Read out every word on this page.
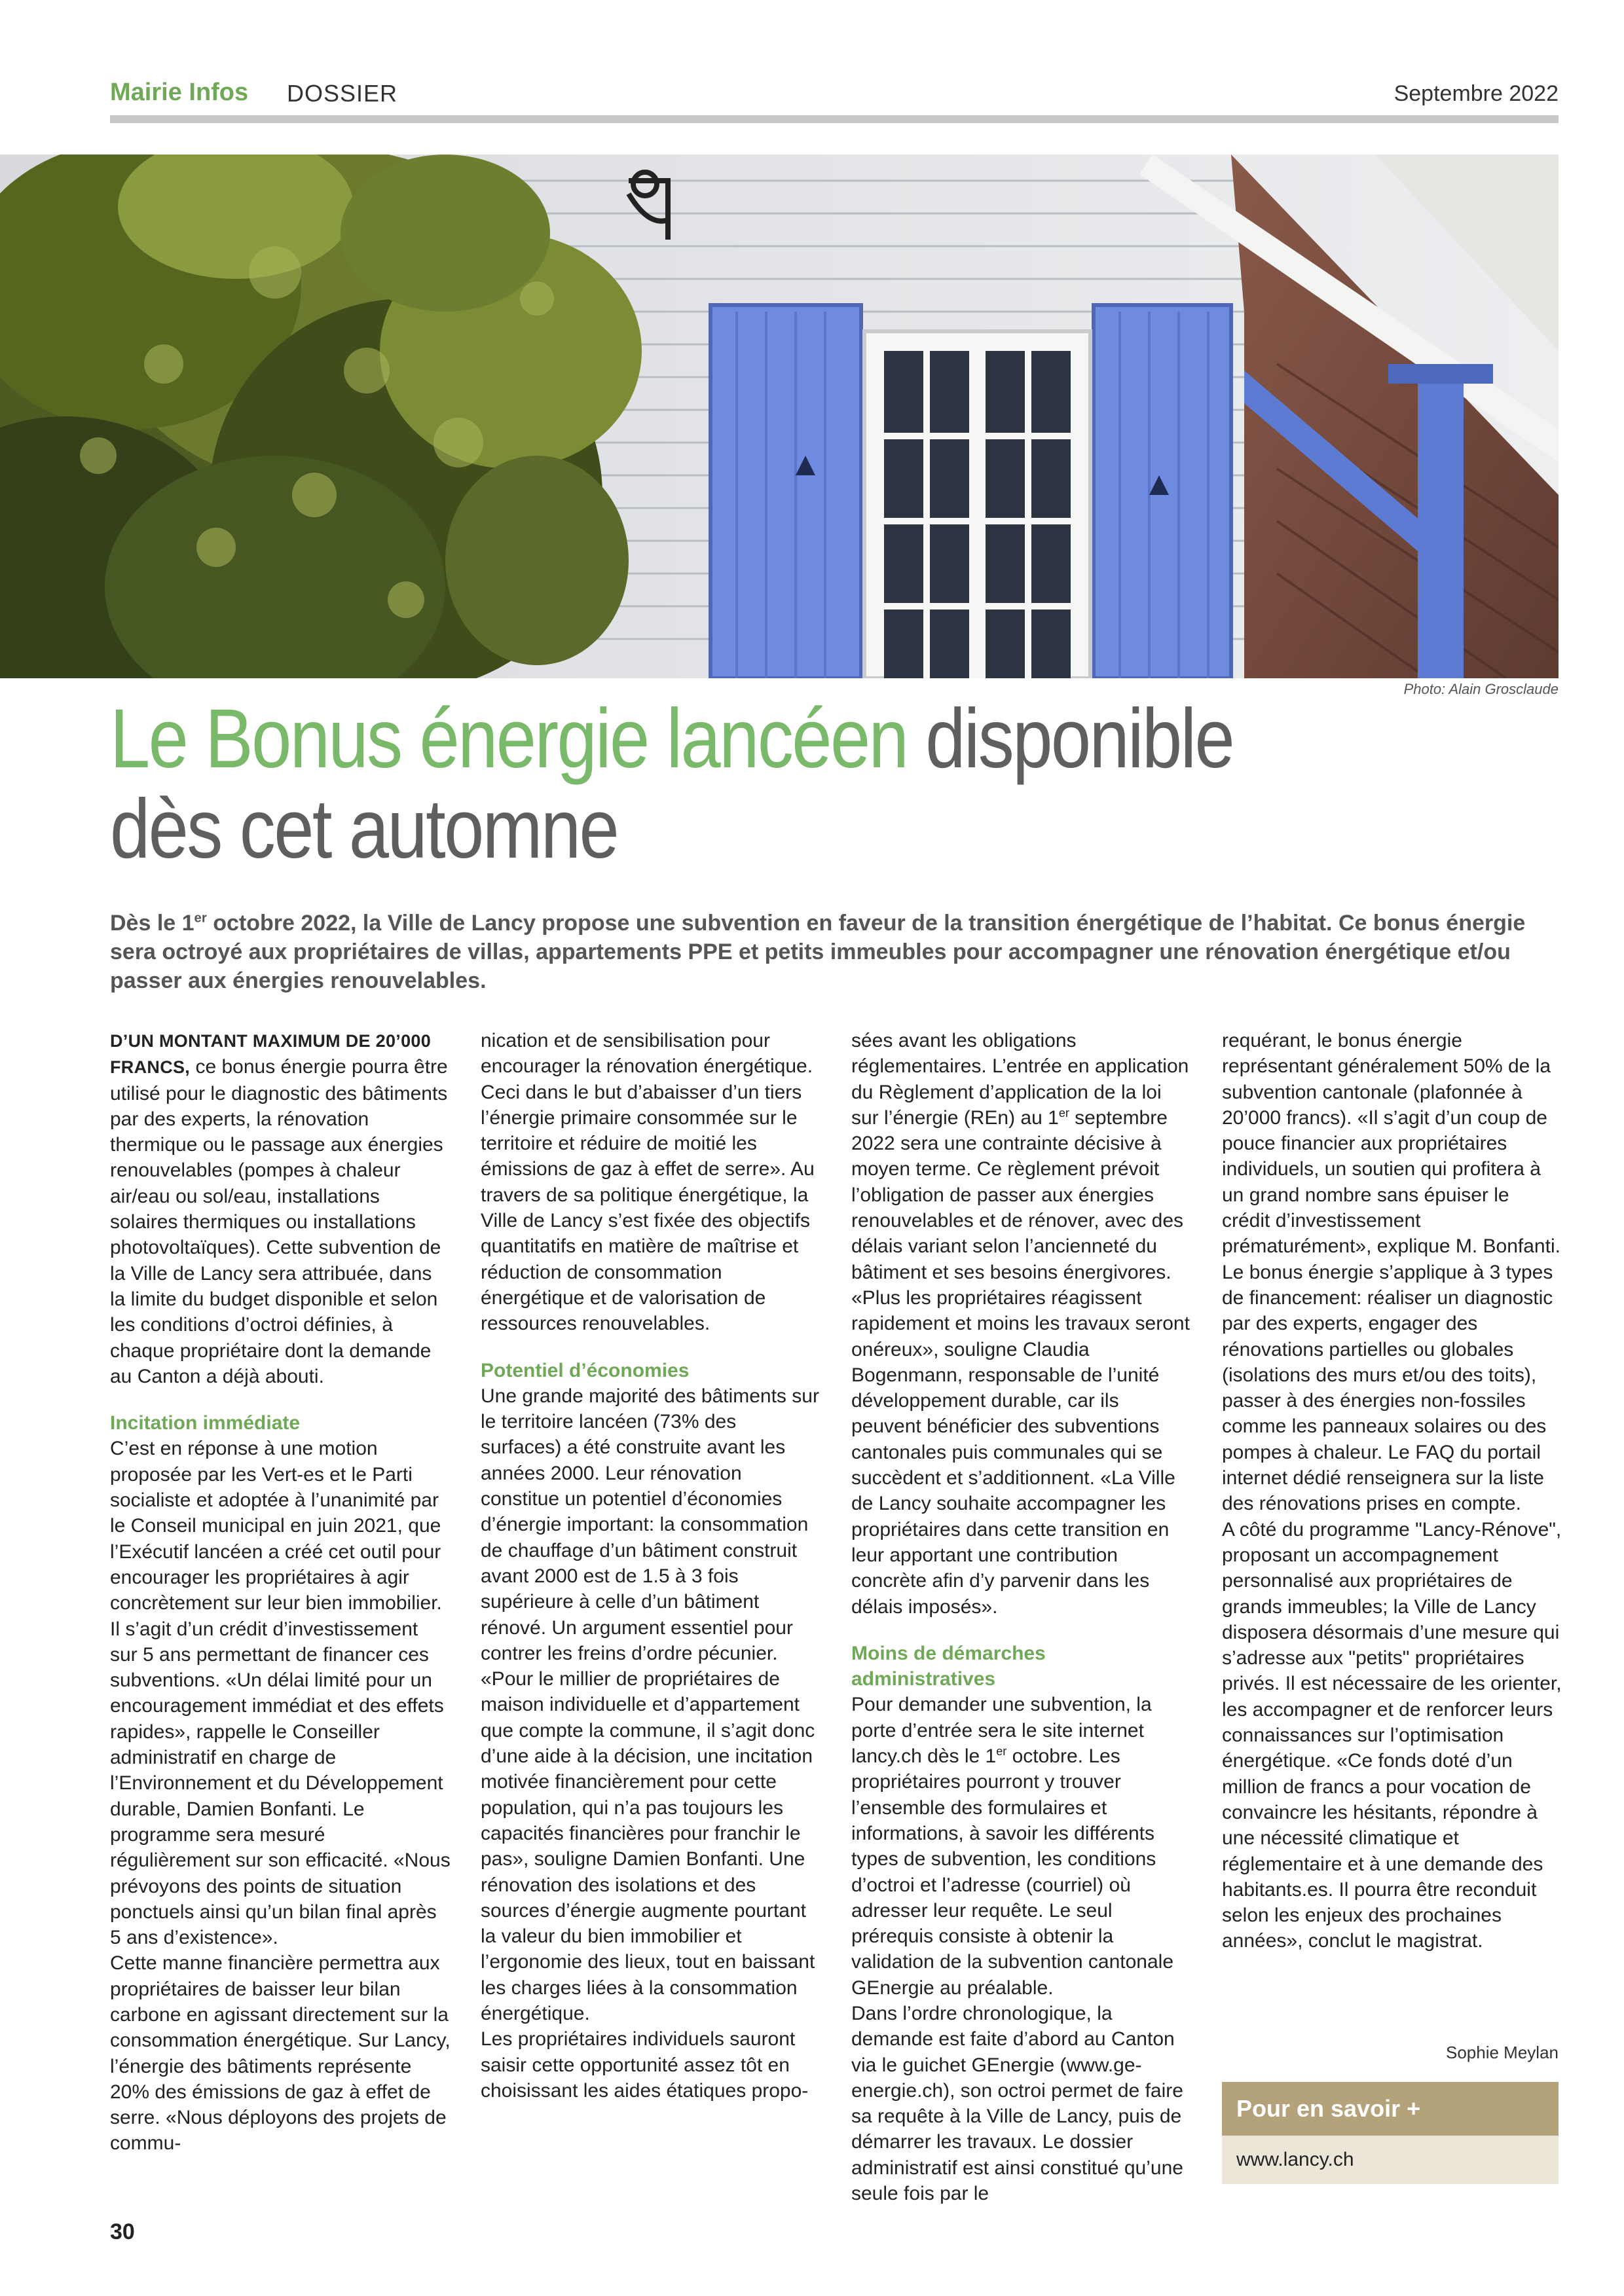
Mairie Infos DOSSIER	Septembre 2022
Photo: Alain Grosclaude
Le Bonus énergie lancéen disponible
dès cet automne
Dès le 1er octobre 2022, la Ville de Lancy propose une subvention en faveur de la transition énergétique de l’habitat. Ce bonus énergie sera octroyé aux propriétaires de villas, appartements PPE et petits immeubles pour accompagner une rénovation énergétique et/ou passer aux énergies renouvelables.

D’UN MONTANT MAXIMUM DE 20’000 FRANCS, ce bonus énergie pourra être utilisé pour le diagnostic des bâtiments par des experts, la rénovation thermique ou le passage aux énergies renouvelables (pompes à chaleur air/eau ou sol/eau, installations solaires thermiques ou installations photovoltaïques). Cette subvention de la Ville de Lancy sera attribuée, dans la limite du budget disponible et selon les conditions d’octroi définies, à chaque propriétaire dont la demande au Canton a déjà abouti.

Incitation immédiate

C’est en réponse à une motion proposée par les Vert-es et le Parti socialiste et adoptée à l’unanimité par le Conseil municipal en juin 2021, que l’Exécutif lancéen a créé cet outil pour encourager les propriétaires à agir concrètement sur leur bien immobilier. Il s’agit d’un crédit d’investissement sur 5 ans permettant de financer ces subventions. «Un délai limité pour un encouragement immédiat et des effets rapides», rappelle le Conseiller administratif en charge de l’Environnement et du Développement durable, Damien Bonfanti. Le programme sera mesuré régulièrement sur son efficacité. «Nous prévoyons des points de situation ponctuels ainsi qu’un bilan final après 5 ans d’existence».

Cette manne financière permettra aux propriétaires de baisser leur bilan carbone en agissant directement sur la consommation énergétique. Sur Lancy, l’énergie des bâtiments représente 20% des émissions de gaz à effet de serre. «Nous déployons des projets de commu-

nication et de sensibilisation pour encourager la rénovation énergétique. Ceci dans le but d’abaisser d’un tiers l’énergie primaire consommée sur le territoire et réduire de moitié les émissions de gaz à effet de serre». Au travers de sa politique énergétique, la Ville de Lancy s’est fixée des objectifs quantitatifs en matière de maîtrise et réduction de consommation énergétique et de valorisation de ressources renouvelables.

Potentiel d’économies

Une grande majorité des bâtiments sur le territoire lancéen (73% des surfaces) a été construite avant les années 2000. Leur rénovation constitue un potentiel d’économies d’énergie important: la consommation de chauffage d’un bâtiment construit avant 2000 est de 1.5 à 3 fois supérieure à celle d’un bâtiment rénové. Un argument essentiel pour contrer les freins d’ordre pécunier. «Pour le millier de propriétaires de maison individuelle et d’appartement que compte la commune, il s’agit donc d’une aide à la décision, une incitation motivée financièrement pour cette population, qui n’a pas toujours les capacités financières pour franchir le pas», souligne Damien Bonfanti. Une rénovation des isolations et des sources d’énergie augmente pourtant la valeur du bien immobilier et l’ergonomie des lieux, tout en baissant les charges liées à la consommation énergétique.

Les propriétaires individuels sauront saisir cette opportunité assez tôt en choisissant les aides étatiques propo-

sées avant les obligations réglementaires. L’entrée en application du Règlement d’application de la loi sur l’énergie (REn) au 1er septembre 2022 sera une contrainte décisive à moyen terme. Ce règlement prévoit l’obligation de passer aux énergies renouvelables et de rénover, avec des délais variant selon l’ancienneté du bâtiment et ses besoins énergivores. «Plus les propriétaires réagissent rapidement et moins les travaux seront onéreux», souligne Claudia Bogenmann, responsable de l’unité développement durable, car ils peuvent bénéficier des subventions cantonales puis communales qui se succèdent et s’additionnent. «La Ville de Lancy souhaite accompagner les propriétaires dans cette transition en leur apportant une contribution concrète afin d’y parvenir dans les délais imposés».

Moins de démarches administratives

Pour demander une subvention, la porte d’entrée sera le site internet lancy.ch dès le 1er octobre. Les propriétaires pourront y trouver l’ensemble des formulaires et informations, à savoir les différents types de subvention, les conditions d’octroi et l’adresse (courriel) où adresser leur requête. Le seul prérequis consiste à obtenir la validation de la subvention cantonale GEnergie au préalable.

Dans l’ordre chronologique, la demande est faite d’abord au Canton via le guichet GEnergie (www.ge-energie.ch), son octroi permet de faire sa requête à la Ville de Lancy, puis de démarrer les travaux. Le dossier administratif est ainsi constitué qu’une seule fois par le

requérant, le bonus énergie représentant généralement 50% de la subvention cantonale (plafonnée à 20’000 francs). «Il s’agit d’un coup de pouce financier aux propriétaires individuels, un soutien qui profitera à un grand nombre sans épuiser le crédit d’investissement prématurément», explique M. Bonfanti.

Le bonus énergie s’applique à 3 types de financement: réaliser un diagnostic par des experts, engager des rénovations partielles ou globales (isolations des murs et/ou des toits), passer à des énergies non-fossiles comme les panneaux solaires ou des pompes à chaleur. Le FAQ du portail internet dédié renseignera sur la liste des rénovations prises en compte.

A côté du programme "Lancy-Rénove", proposant un accompagnement personnalisé aux propriétaires de grands immeubles; la Ville de Lancy disposera désormais d’une mesure qui s’adresse aux "petits" propriétaires privés. Il est nécessaire de les orienter, les accompagner et de renforcer leurs connaissances sur l’optimisation énergétique. «Ce fonds doté d’un million de francs a pour vocation de convaincre les hésitants, répondre à une nécessité climatique et réglementaire et à une demande des habitants.es. Il pourra être reconduit selon les enjeux des prochaines années», conclut le magistrat.

Sophie Meylan
Pour en savoir +
www.lancy.ch
30
